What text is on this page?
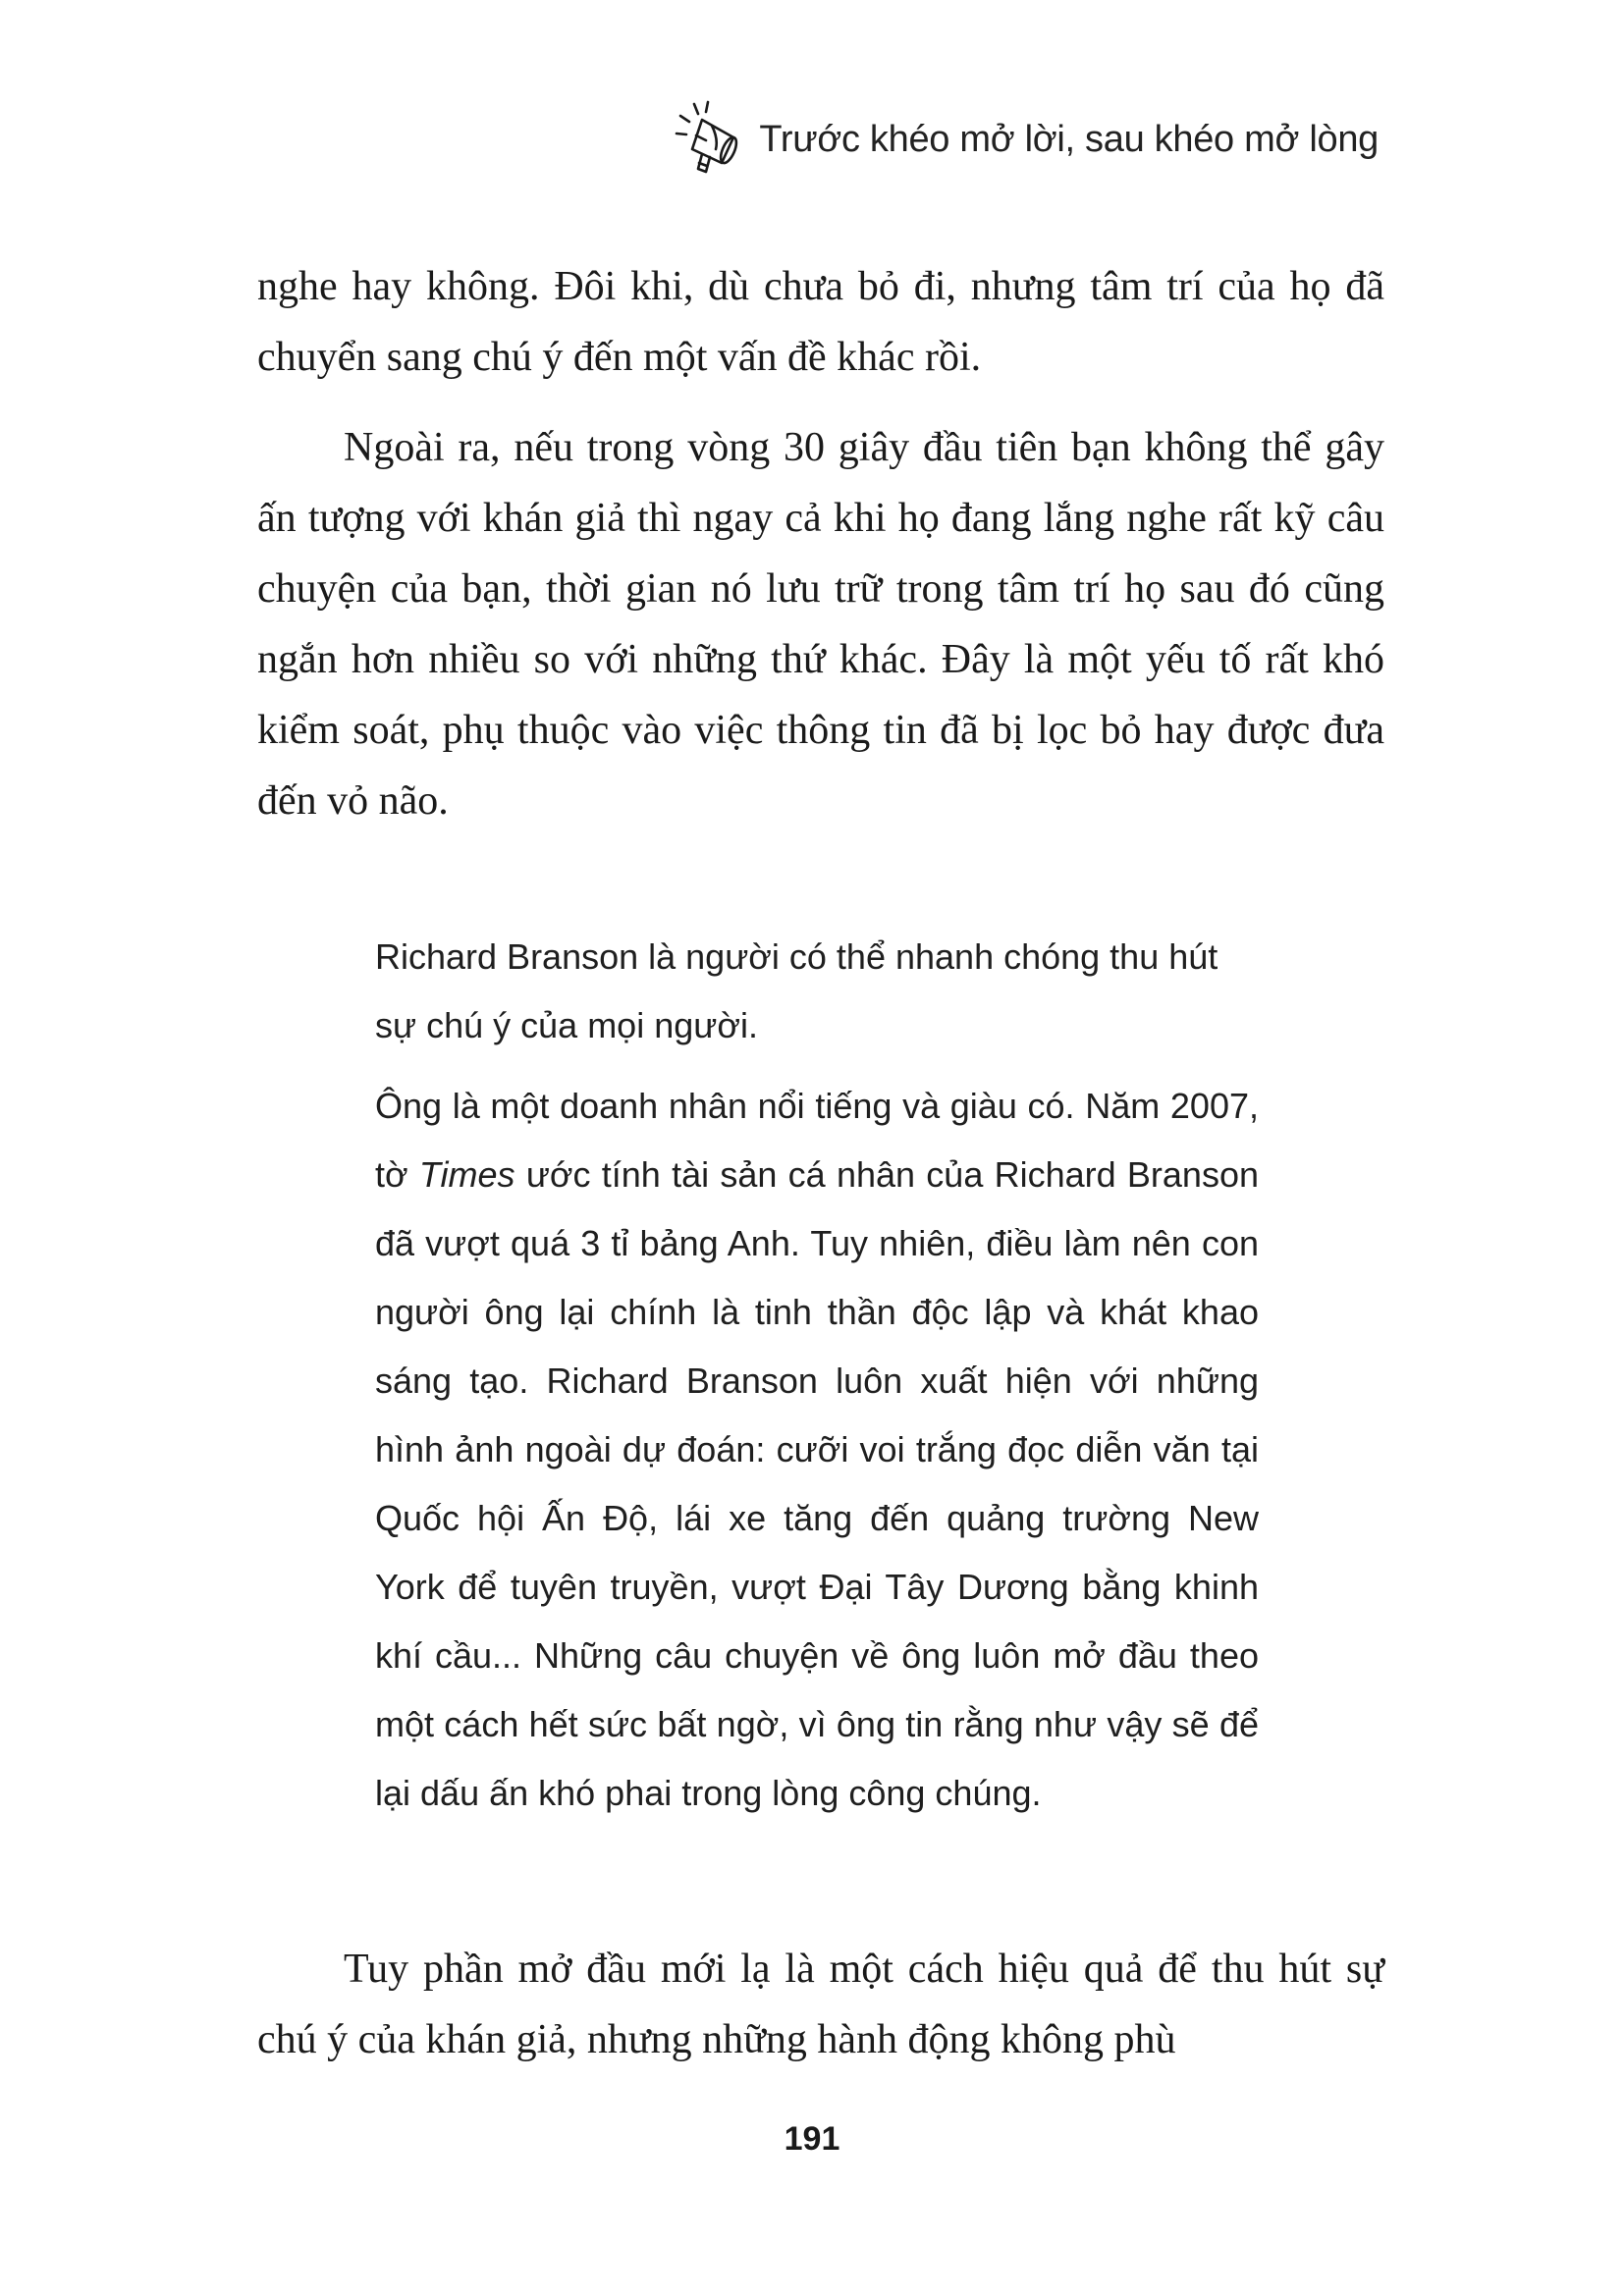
Trước khéo mở lời, sau khéo mở lòng

nghe hay không. Đôi khi, dù chưa bỏ đi, nhưng tâm trí của họ đã chuyển sang chú ý đến một vấn đề khác rồi.

Ngoài ra, nếu trong vòng 30 giây đầu tiên bạn không thể gây ấn tượng với khán giả thì ngay cả khi họ đang lắng nghe rất kỹ câu chuyện của bạn, thời gian nó lưu trữ trong tâm trí họ sau đó cũng ngắn hơn nhiều so với những thứ khác. Đây là một yếu tố rất khó kiểm soát, phụ thuộc vào việc thông tin đã bị lọc bỏ hay được đưa đến vỏ não.

Richard Branson là người có thể nhanh chóng thu hút sự chú ý của mọi người.

Ông là một doanh nhân nổi tiếng và giàu có. Năm 2007, tờ Times ước tính tài sản cá nhân của Richard Branson đã vượt quá 3 tỉ bảng Anh. Tuy nhiên, điều làm nên con người ông lại chính là tinh thần độc lập và khát khao sáng tạo. Richard Branson luôn xuất hiện với những hình ảnh ngoài dự đoán: cưỡi voi trắng đọc diễn văn tại Quốc hội Ấn Độ, lái xe tăng đến quảng trường New York để tuyên truyền, vượt Đại Tây Dương bằng khinh khí cầu... Những câu chuyện về ông luôn mở đầu theo một cách hết sức bất ngờ, vì ông tin rằng như vậy sẽ để lại dấu ấn khó phai trong lòng công chúng.

Tuy phần mở đầu mới lạ là một cách hiệu quả để thu hút sự chú ý của khán giả, nhưng những hành động không phù

191
